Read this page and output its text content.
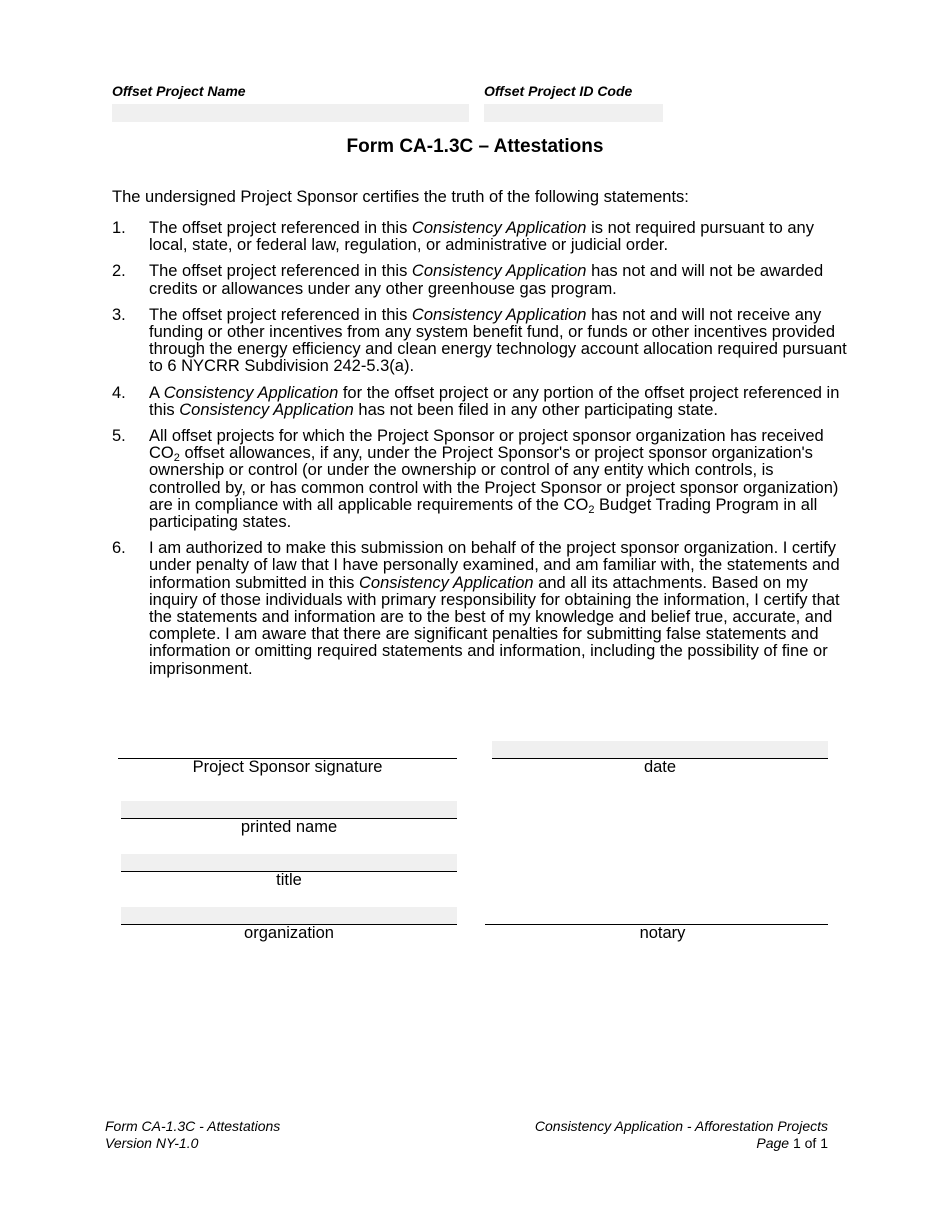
Offset Project Name	Offset Project ID Code
Form CA-1.3C – Attestations
The undersigned Project Sponsor certifies the truth of the following statements:
1.	The offset project referenced in this Consistency Application is not required pursuant to any local, state, or federal law, regulation, or administrative or judicial order.
2.	The offset project referenced in this Consistency Application has not and will not be awarded credits or allowances under any other greenhouse gas program.
3.	The offset project referenced in this Consistency Application has not and will not receive any funding or other incentives from any system benefit fund, or funds or other incentives provided through the energy efficiency and clean energy technology account allocation required pursuant to 6 NYCRR Subdivision 242-5.3(a).
4.	A Consistency Application for the offset project or any portion of the offset project referenced in this Consistency Application has not been filed in any other participating state.
5.	All offset projects for which the Project Sponsor or project sponsor organization has received $CO_2$ offset allowances, if any, under the Project Sponsor's or project sponsor organization's ownership or control (or under the ownership or control of any entity which controls, is controlled by, or has common control with the Project Sponsor or project sponsor organization) are in compliance with all applicable requirements of the $CO_2$ Budget Trading Program in all participating states.
6.	I am authorized to make this submission on behalf of the project sponsor organization. I certify under penalty of law that I have personally examined, and am familiar with, the statements and information submitted in this Consistency Application and all its attachments. Based on my inquiry of those individuals with primary responsibility for obtaining the information, I certify that the statements and information are to the best of my knowledge and belief true, accurate, and complete. I am aware that there are significant penalties for submitting false statements and information or omitting required statements and information, including the possibility of fine or imprisonment.
Project Sponsor signature	date
printed name
title
organization	notary
Form CA-1.3C - Attestations
Version NY-1.0
Consistency Application - Afforestation Projects
Page 1 of 1
